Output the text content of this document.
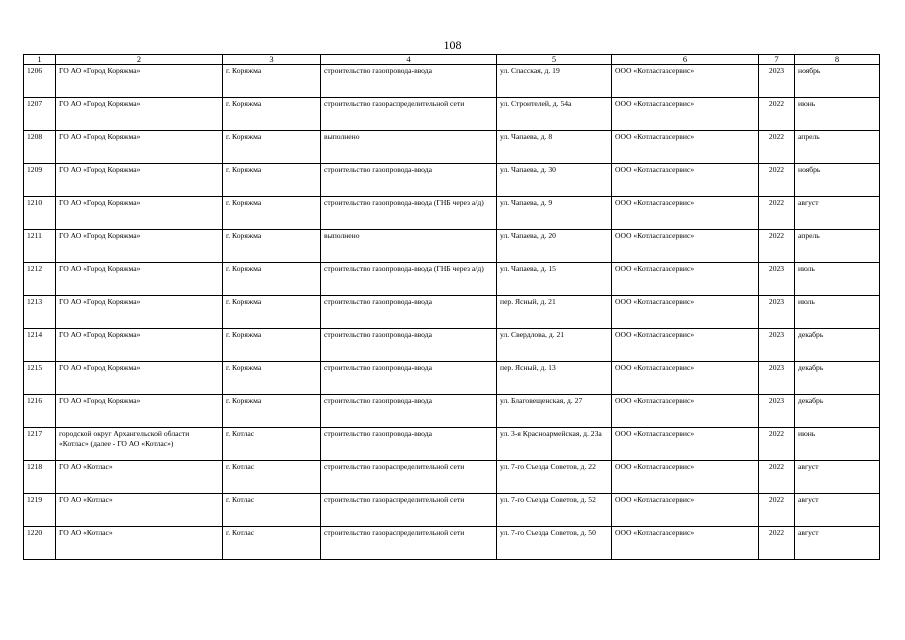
108
1	2	3	4	5	6	7	8
1206	ГО АО «Город Коряжма»	г. Коряжма	строительство газопровода-ввода	ул. Спасская, д. 19	ООО «Котласгазсервис»	2023	ноябрь
1207	ГО АО «Город Коряжма»	г. Коряжма	строительство газораспределительной сети	ул. Строителей, д. 54а	ООО «Котласгазсервис»	2022	июнь
1208	ГО АО «Город Коряжма»	г. Коряжма	выполнено	ул. Чапаева, д. 8	ООО «Котласгазсервис»	2022	апрель
1209	ГО АО «Город Коряжма»	г. Коряжма	строительство газопровода-ввода	ул. Чапаева, д. 30	ООО «Котласгазсервис»	2022	ноябрь
1210	ГО АО «Город Коряжма»	г. Коряжма	строительство газопровода-ввода (ГНБ через а/д)	ул. Чапаева, д. 9	ООО «Котласгазсервис»	2022	август
1211	ГО АО «Город Коряжма»	г. Коряжма	выполнено	ул. Чапаева, д. 20	ООО «Котласгазсервис»	2022	апрель
1212	ГО АО «Город Коряжма»	г. Коряжма	строительство газопровода-ввода (ГНБ через а/д)	ул. Чапаева, д. 15	ООО «Котласгазсервис»	2023	июль
1213	ГО АО «Город Коряжма»	г. Коряжма	строительство газопровода-ввода	пер. Ясный, д. 21	ООО «Котласгазсервис»	2023	июль
1214	ГО АО «Город Коряжма»	г. Коряжма	строительство газопровода-ввода	ул. Свердлова, д. 21	ООО «Котласгазсервис»	2023	декабрь
1215	ГО АО «Город Коряжма»	г. Коряжма	строительство газопровода-ввода	пер. Ясный, д. 13	ООО «Котласгазсервис»	2023	декабрь
1216	ГО АО «Город Коряжма»	г. Коряжма	строительство газопровода-ввода	ул. Благовещенская, д. 27	ООО «Котласгазсервис»	2023	декабрь
1217	городской округ Архангельской области «Котлас» (далее - ГО АО «Котлас»)	г. Котлас	строительство газопровода-ввода	ул. 3-я Красноармейская, д. 23а	ООО «Котласгазсервис»	2022	июнь
1218	ГО АО «Котлас»	г. Котлас	строительство газораспределительной сети	ул. 7-го Съезда Советов, д. 22	ООО «Котласгазсервис»	2022	август
1219	ГО АО «Котлас»	г. Котлас	строительство газораспределительной сети	ул. 7-го Съезда Советов, д. 52	ООО «Котласгазсервис»	2022	август
1220	ГО АО «Котлас»	г. Котлас	строительство газораспределительной сети	ул. 7-го Съезда Советов, д. 50	ООО «Котласгазсервис»	2022	август
